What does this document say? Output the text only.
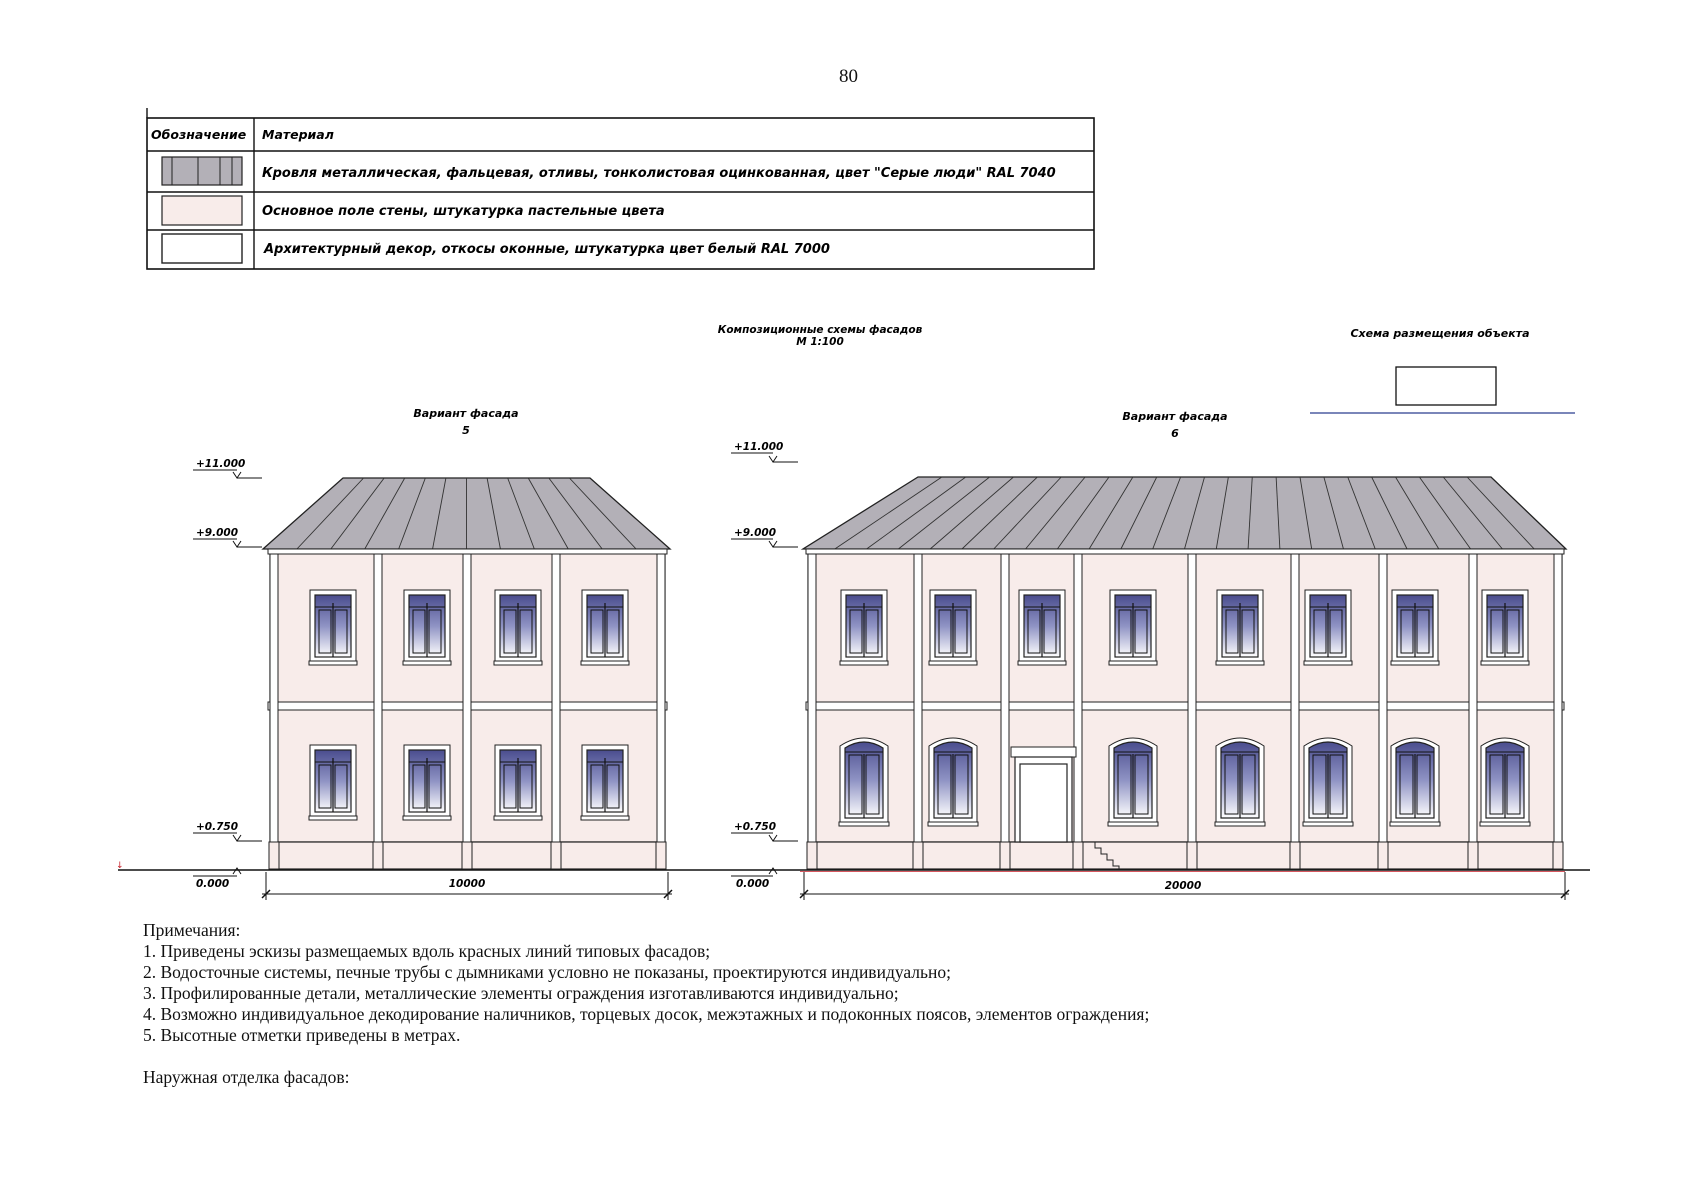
80
Обозначение Материал
Кровля металлическая, фальцевая, отливы, тонколистовая оцинкованная, цвет "Серые люди" RAL 7040
Основное поле стены, штукатурка пастельные цвета
Архитектурный декор, откосы оконные, штукатурка цвет белый RAL 7000
Композиционные схемы фасадов
М 1:100
Схема размещения объекта
Вариант фасада
5
Вариант фасада
6
+11.000
+9.000
+0.750
0.000
+11.000
+9.000
+0.750
0.000
↓
10000	20000
Примечания:
1. Приведены эскизы размещаемых вдоль красных линий типовых фасадов;
2. Водосточные системы, печные трубы с дымниками условно не показаны, проектируются индивидуально;
3. Профилированные детали, металлические элементы ограждения изготавливаются индивидуально;
4. Возможно индивидуальное декодирование наличников, торцевых досок, межэтажных и подоконных поясов, элементов ограждения;
5. Высотные отметки приведены в метрах.
Наружная отделка фасадов:
